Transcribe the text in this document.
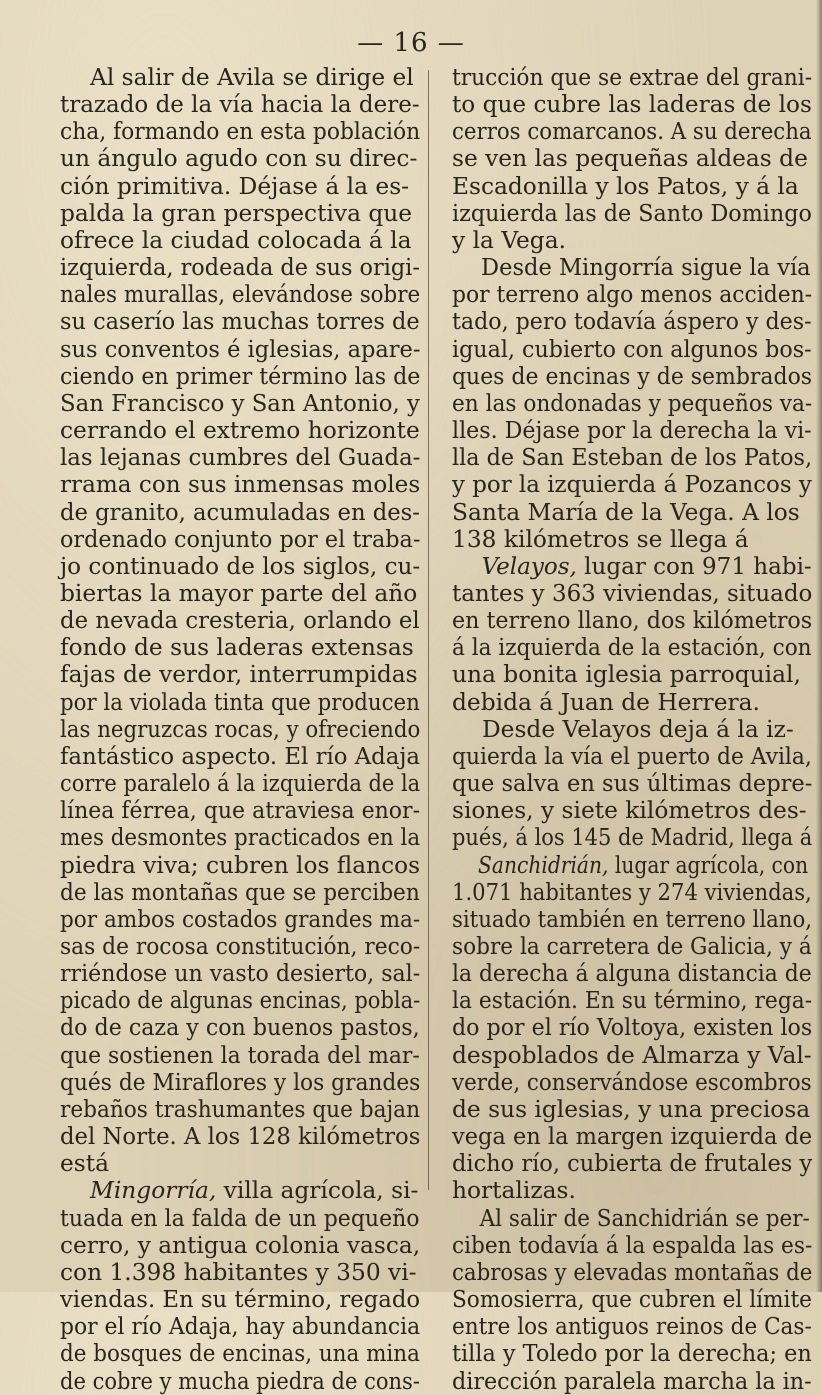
— 16 —
Al salir de Avila se dirige el
trazado de la vía hacia la dere-
cha, formando en esta población
un ángulo agudo con su direc-
ción primitiva. Déjase á la es-
palda la gran perspectiva que
ofrece la ciudad colocada á la
izquierda, rodeada de sus origi-
nales murallas, elevándose sobre
su caserío las muchas torres de
sus conventos é iglesias, apare-
ciendo en primer término las de
San Francisco y San Antonio, y
cerrando el extremo horizonte
las lejanas cumbres del Guada-
rrama con sus inmensas moles
de granito, acumuladas en des-
ordenado conjunto por el traba-
jo continuado de los siglos, cu-
biertas la mayor parte del año
de nevada cresteria, orlando el
fondo de sus laderas extensas
fajas de verdor, interrumpidas
por la violada tinta que producen
las negruzcas rocas, y ofreciendo
fantástico aspecto. El río Adaja
corre paralelo á la izquierda de la
línea férrea, que atraviesa enor-
mes desmontes practicados en la
piedra viva; cubren los flancos
de las montañas que se perciben
por ambos costados grandes ma-
sas de rocosa constitución, reco-
rriéndose un vasto desierto, sal-
picado de algunas encinas, pobla-
do de caza y con buenos pastos,
que sostienen la torada del mar-
qués de Miraflores y los grandes
rebaños trashumantes que bajan
del Norte. A los 128 kilómetros
está
Mingorría, villa agrícola, si-
tuada en la falda de un pequeño
cerro, y antigua colonia vasca,
con 1.398 habitantes y 350 vi-
viendas. En su término, regado
por el río Adaja, hay abundancia
de bosques de encinas, una mina
de cobre y mucha piedra de cons-
trucción que se extrae del grani-
to que cubre las laderas de los
cerros comarcanos. A su derecha
se ven las pequeñas aldeas de
Escadonilla y los Patos, y á la
izquierda las de Santo Domingo
y la Vega.
Desde Mingorría sigue la vía
por terreno algo menos acciden-
tado, pero todavía áspero y des-
igual, cubierto con algunos bos-
ques de encinas y de sembrados
en las ondonadas y pequeños va-
lles. Déjase por la derecha la vi-
lla de San Esteban de los Patos,
y por la izquierda á Pozancos y
Santa María de la Vega. A los
138 kilómetros se llega á
Velayos, lugar con 971 habi-
tantes y 363 viviendas, situado
en terreno llano, dos kilómetros
á la izquierda de la estación, con
una bonita iglesia parroquial,
debida á Juan de Herrera.
Desde Velayos deja á la iz-
quierda la vía el puerto de Avila,
que salva en sus últimas depre-
siones, y siete kilómetros des-
pués, á los 145 de Madrid, llega á
Sanchidrián, lugar agrícola, con
1.071 habitantes y 274 viviendas,
situado también en terreno llano,
sobre la carretera de Galicia, y á
la derecha á alguna distancia de
la estación. En su término, rega-
do por el río Voltoya, existen los
despoblados de Almarza y Val-
verde, conservándose escombros
de sus iglesias, y una preciosa
vega en la margen izquierda de
dicho río, cubierta de frutales y
hortalizas.
Al salir de Sanchidrián se per-
ciben todavía á la espalda las es-
cabrosas y elevadas montañas de
Somosierra, que cubren el límite
entre los antiguos reinos de Cas-
tilla y Toledo por la derecha; en
dirección paralela marcha la in-
